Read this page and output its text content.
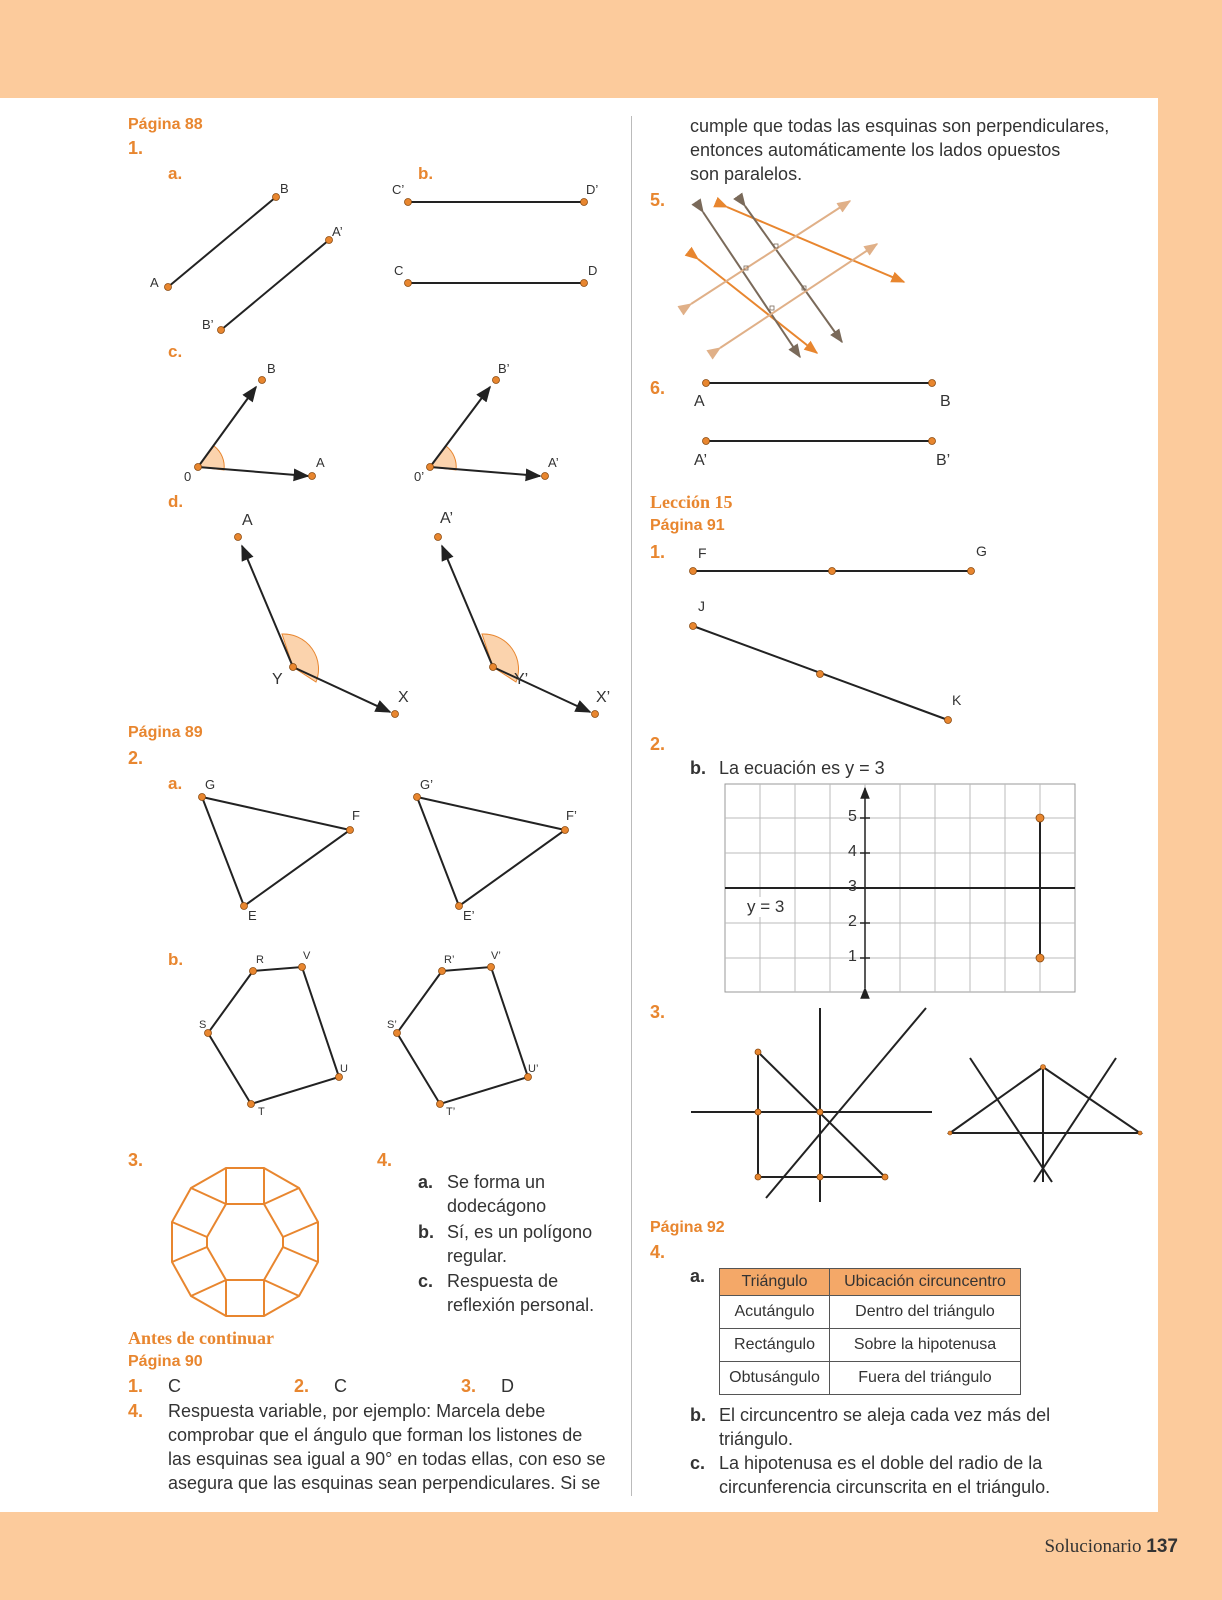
Página 88
1.
a.	b.
B
A
A’
B’
C’	D’
C	D
c.
B
0
A
B’
0’
A’
d.
A
Y
X
A’
Y’
X’
Página 89
2.
a. G
F
E
G’
F’
E’
b.	R	V
S
U
T
R’	V’
S’
U’
T’
3.	4.
a. Se forma un
dodecágono
b. Sí, es un polígono
regular.
c. Respuesta de
reflexión personal.
Antes de continuar
Página 90
1. C	2. C	3. D
4. Respuesta variable, por ejemplo: Marcela debe
comprobar que el ángulo que forman los listones de
las esquinas sea igual a 90° en todas ellas, con eso se
asegura que las esquinas sean perpendiculares. Si se
cumple que todas las esquinas son perpendiculares,
entonces automáticamente los lados opuestos
son paralelos.
5.
6.
A	B
A’	B’
Lección 15
Página 91
1. F	G
J
K
2.
b. La ecuación es y = 3
y = 3
5
4
3
2
1
3.
Página 92
4.
a. Triángulo	Ubicación circuncentro
Acutángulo	Dentro del triángulo
Rectángulo	Sobre la hipotenusa
Obtusángulo	Fuera del triángulo
b. El circuncentro se aleja cada vez más del
triángulo.
c. La hipotenusa es el doble del radio de la
circunferencia circunscrita en el triángulo.
Solucionario 137
